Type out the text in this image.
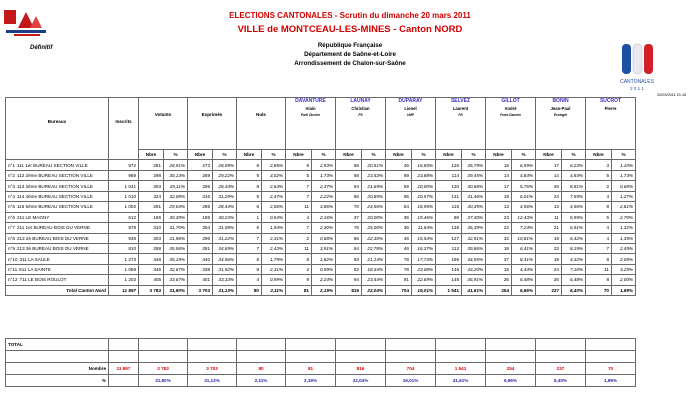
Définitif
ELECTIONS CANTONALES - Scrutin du dimanche 20 mars 2011
VILLE de MONTCEAU-LES-MINES - Canton NORD
République Française
Département de Saône-et-Loire
Arrondissement de Chalon-sur-Saône
CANTONALES
2 0 1 1
20/03/2011 21:16
Bureaux	Inscrits	Votants		Exprimés		Nuls		DAVANTURE
Alain
Parti Ouvrier		LAUNAY
Christian
PS		DUPARAY
Lionel
UMP		SELVEZ
Laurent
FN		GILLOT
André
Front Gauche		BONIN
Jean-Paul
Ecologie		SUCROT
Pierre	

		Nbre	%	Nbre	%	Nbre	%	Nbre	%	Nbre	%	Nbre	%	Nbre	%	Nbre	%	Nbre	%	Nbre	%
n°1 111 1er BUREAU SECTION VILLE	972	281	28,91%	273	28,09%	8	2,85%	8	2,93%	56	20,51%	46	16,85%	125	45,79%	18	6,59%	17	6,23%	3	1,10%
n°2 112 2ème BUREAU SECTION VILLE	989	298	30,13%	289	29,22%	9	3,02%	5	1,73%	68	23,53%	69	23,88%	114	39,45%	14	4,84%	14	4,84%	5	1,73%
n°3 113 3ème BUREAU SECTION VILLE	1 041	303	29,11%	295	28,34%	8	2,64%	7	2,37%	64	21,69%	59	20,00%	120	40,68%	17	5,76%	26	8,81%	2	0,68%
n°4 114 4ème BUREAU SECTION VILLE	1 010	324	32,08%	316	31,29%	8	2,47%	7	2,22%	66	20,89%	65	20,57%	131	41,46%	19	6,01%	24	7,59%	4	1,27%
n°5 115 5ème BUREAU SECTION VILLE	1 002	291	29,04%	285	28,44%	6	2,06%	11	3,86%	70	24,56%	54	18,95%	115	40,35%	13	4,56%	13	4,56%	8	2,81%
n°6 211 LE MAGNY	612	186	30,39%	185	30,23%	1	0,54%	4	2,16%	37	20,00%	36	19,46%	69	37,30%	23	12,43%	11	5,95%	5	2,70%
n°7 211 1er BUREAU BOIS DU VERNE	978	310	31,70%	304	31,08%	6	1,94%	7	2,30%	76	25,00%	36	11,84%	138	45,39%	22	7,24%	21	6,91%	4	1,32%
n°8 212 2è BUREAU BOIS DU VERNE	948	303	31,96%	296	31,22%	7	2,31%	2	0,68%	66	22,30%	46	15,54%	127	42,91%	32	10,81%	19	6,42%	4	1,35%
n°9 213 3è BUREAU BOIS DU VERNE	810	288	35,56%	281	34,69%	7	2,43%	11	3,91%	64	22,78%	46	16,37%	112	39,86%	18	6,41%	23	8,19%	7	2,49%
n°10 311 LA SAULE	1 273	448	35,19%	440	34,56%	8	1,79%	8	1,82%	93	21,14%	78	17,73%	196	44,55%	37	8,41%	19	4,32%	9	2,05%
n°11 611 LA SAINTE	1 059	346	32,67%	338	31,92%	8	2,31%	2	0,59%	62	18,34%	78	23,08%	146	43,20%	15	4,44%	24	7,10%	11	3,25%
n°12 711 LE BOIS ROULOT	1 203	405	33,67%	401	33,33%	4	0,99%	9	2,24%	94	23,44%	91	22,69%	148	36,91%	26	6,48%	26	6,48%	8	2,00%
Total Canton Nord	11 897	3 783	31,80%	3 703	31,13%	80	2,11%	81	2,19%	816	22,04%	704	19,01%	1 541	41,61%	254	6,86%	237	6,40%	70	1,89%
TOTAL											

Nombre	11 897	3 783	3 703	80	81	816	704	1 541	254	237	70
%		31,80%	31,13%	2,11%	2,19%	22,04%	19,01%	41,61%	6,86%	6,40%	1,89%
